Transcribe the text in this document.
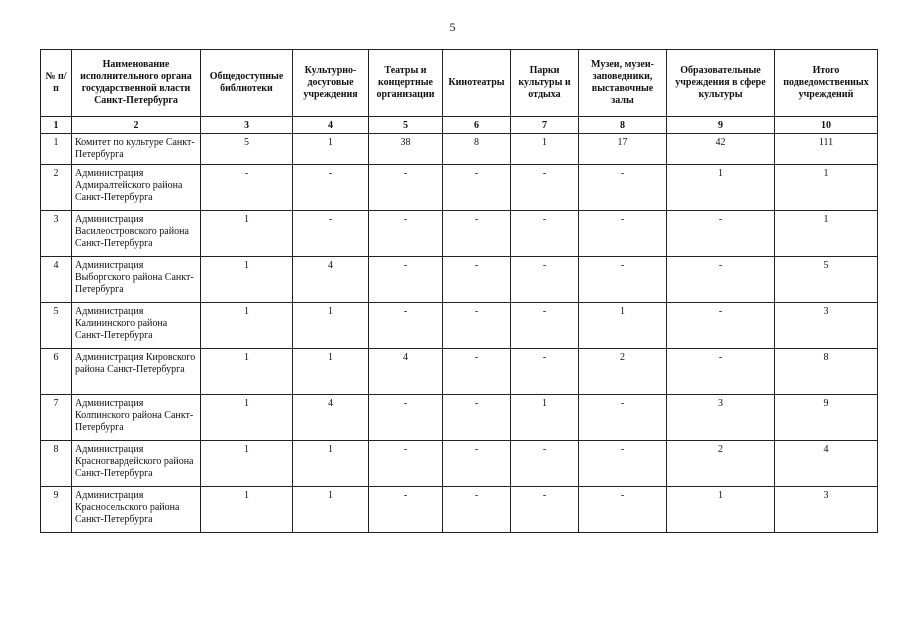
5
№ п/п	Наименование исполнительного органа государственной власти Санкт-Петербурга	Общедоступные библиотеки	Культурно-досуговые учреждения	Театры и концертные организации	Кинотеатры	Парки культуры и отдыха	Музеи, музеи-заповедники, выставочные залы	Образовательные учреждения в сфере культуры	Итого подведомственных учреждений
1	2	3	4	5	6	7	8	9	10
1	Комитет по культуре Санкт-Петербурга	5	1	38	8	1	17	42	111
2	Администрация Адмиралтейского района Санкт-Петербурга	-	-	-	-	-	-	1	1
3	Администрация Василеостровского района Санкт-Петербурга	1	-	-	-	-	-	-	1
4	Администрация Выборгского района Санкт-Петербурга	1	4	-	-	-	-	-	5
5	Администрация Калининского района Санкт-Петербурга	1	1	-	-	-	1	-	3
6	Администрация Кировского района Санкт-Петербурга	1	1	4	-	-	2	-	8
7	Администрация Колпинского района Санкт-Петербурга	1	4	-	-	1	-	3	9
8	Администрация Красногвардейского района Санкт-Петербурга	1	1	-	-	-	-	2	4
9	Администрация Красносельского района Санкт-Петербурга	1	1	-	-	-	-	1	3
